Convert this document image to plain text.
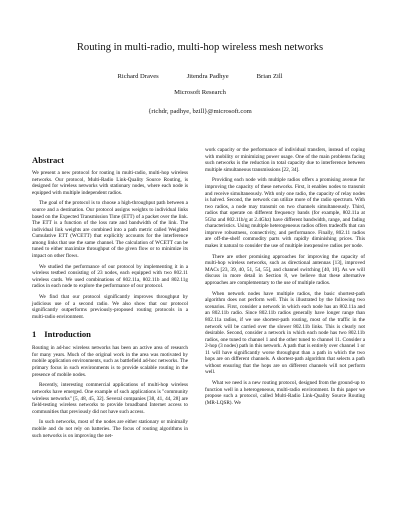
Routing in multi-radio, multi-hop wireless mesh networks
Richard Draves	Jitendra Padhye	Brian Zill
Microsoft Research
{richdr, padhye, bzill}@microsoft.com
Abstract

We present a new protocol for routing in multi-radio, multi-hop wireless networks. Our protocol, Multi-Radio Link-Quality Source Routing, is designed for wireless networks with stationary nodes, where each node is equipped with multiple independent radios.

The goal of the protocol is to choose a high-throughput path between a source and a destination. Our protocol assigns weights to individual links based on the Expected Transmission Time (ETT) of a packet over the link. The ETT is a function of the loss rate and bandwidth of the link. The individual link weights are combined into a path metric called Weighted Cumulative ETT (WCETT) that explicitly accounts for the interference among links that use the same channel. The calculation of WCETT can be tuned to either maximize throughput of the given flow or to minimize its impact on other flows.

We studied the performance of our protocol by implementing it in a wireless testbed consisting of 23 nodes, each equipped with two 802.11 wireless cards. We used combinations of 802.11a, 802.11b and 802.11g radios in each node to explore the performance of our protocol.

We find that our protocol significantly improves throughput by judicious use of a second radio. We also show that our protocol significantly outperforms previously-proposed routing protocols in a multi-radio environment.

1 Introduction

Routing in ad-hoc wireless networks has been an active area of research for many years. Much of the original work in the area was motivated by mobile application environments, such as battlefield ad-hoc networks. The primary focus in such environments is to provide scalable routing in the presence of mobile nodes.

Recently, interesting commercial applications of multi-hop wireless networks have emerged. One example of such applications is "community wireless networks" [5, 48, 45, 32]. Several companies [38, 41, 44, 28] are field-testing wireless networks to provide broadband Internet access to communities that previously did not have such access.

In such networks, most of the nodes are either stationary or minimally mobile and do not rely on batteries. The focus of routing algorithms in such networks is on improving the net-

work capacity or the performance of individual transfers, instead of coping with mobility or minimizing power usage. One of the main problems facing such networks is the reduction in total capacity due to interference between multiple simultaneous transmissions [22, 34].

Providing each node with multiple radios offers a promising avenue for improving the capacity of these networks. First, it enables nodes to transmit and receive simultaneously. With only one radio, the capacity of relay nodes is halved. Second, the network can utilize more of the radio spectrum. With two radios, a node may transmit on two channels simultaneously. Third, radios that operate on different frequency bands (for example, 802.11a at 5Ghz and 802.11b/g at 2.4Ghz) have different bandwidth, range, and fading characteristics. Using multiple heterogeneous radios offers tradeoffs that can improve robustness, connectivity, and performance. Finally, 802.11 radios are off-the-shelf commodity parts with rapidly diminishing prices. This makes it natural to consider the use of multiple inexpensive radios per node.

There are other promising approaches for improving the capacity of multi-hop wireless networks, such as directional antennas [13], improved MACs [23, 39, 40, 51, 54, 55], and channel switching [40, 10]. As we will discuss in more detail in Section 8, we believe that these alternative approaches are complementary to the use of multiple radios.

When network nodes have multiple radios, the basic shortest-path algorithm does not perform well. This is illustrated by the following two scenarios. First, consider a network in which each node has an 802.11a and an 802.11b radio. Since 802.11b radios generally have longer range than 802.11a radios, if we use shortest-path routing, most of the traffic in the network will be carried over the slower 802.11b links. This is clearly not desirable. Second, consider a network in which each node has two 802.11b radios, one tuned to channel 1 and the other tuned to channel 11. Consider a 2-hop (3 nodes) path in this network. A path that is entirely over channel 1 or 11 will have significantly worse throughput than a path in which the two hops are on different channels. A shortest-path algorithm that selects a path without ensuring that the hops are on different channels will not perform well.

What we need is a new routing protocol, designed from the ground-up to function well in a heterogeneous, multi-radio environment. In this paper we propose such a protocol, called Multi-Radio Link-Quality Source Routing (MR-LQSR). We
